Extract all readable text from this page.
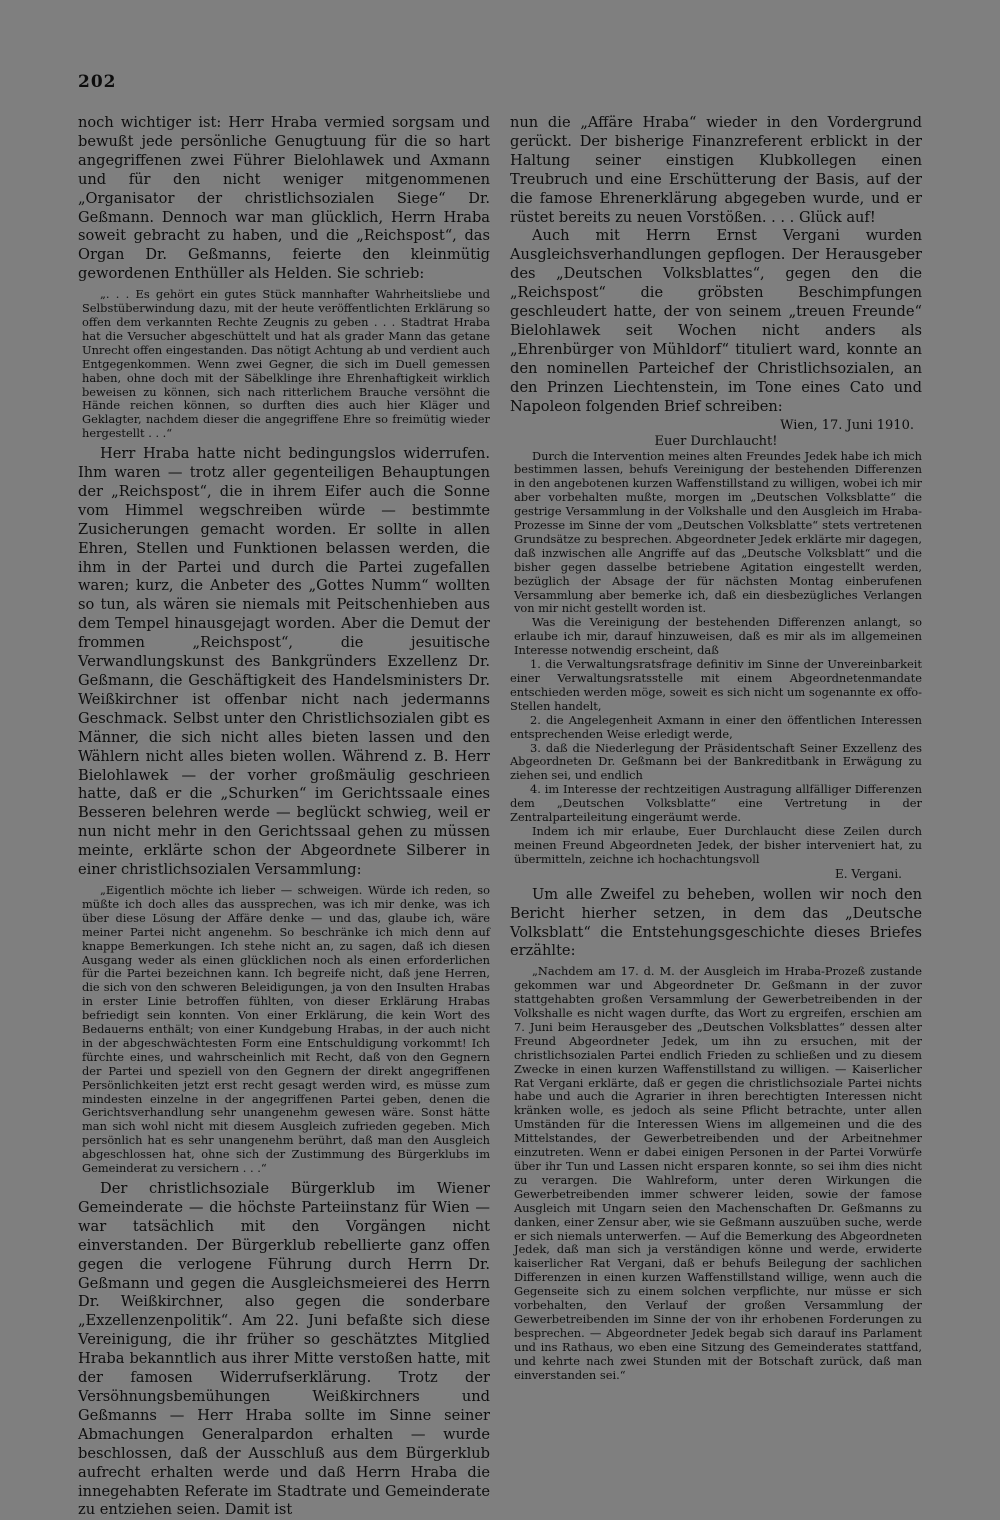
202

noch wichtiger ist: Herr Hraba vermied sorgsam und bewußt jede persönliche Genugtuung für die so hart angegriffenen zwei Führer Bielohlawek und Axmann und für den nicht weniger mitgenommenen „Organisator der christlichsozialen Siege“ Dr. Geßmann. Dennoch war man glücklich, Herrn Hraba soweit gebracht zu haben, und die „Reichspost“, das Organ Dr. Geßmanns, feierte den kleinmütig gewordenen Enthüller als Helden. Sie schrieb:

„. . . Es gehört ein gutes Stück mannhafter Wahrheitsliebe und Selbstüberwindung dazu, mit der heute veröffentlichten Erklärung so offen dem verkannten Rechte Zeugnis zu geben . . . Stadtrat Hraba hat die Versucher abgeschüttelt und hat als grader Mann das getane Unrecht offen eingestanden. Das nötigt Achtung ab und verdient auch Entgegenkommen. Wenn zwei Gegner, die sich im Duell gemessen haben, ohne doch mit der Säbelklinge ihre Ehrenhaftigkeit wirklich beweisen zu können, sich nach ritterlichem Brauche versöhnt die Hände reichen können, so durften dies auch hier Kläger und Geklagter, nachdem dieser die angegriffene Ehre so freimütig wieder hergestellt . . .“

Herr Hraba hatte nicht bedingungslos widerrufen. Ihm waren — trotz aller gegenteiligen Behauptungen der „Reichspost“, die in ihrem Eifer auch die Sonne vom Himmel wegschreiben würde — bestimmte Zusicherungen gemacht worden. Er sollte in allen Ehren, Stellen und Funktionen belassen werden, die ihm in der Partei und durch die Partei zugefallen waren; kurz, die Anbeter des „Gottes Numm“ wollten so tun, als wären sie niemals mit Peitschenhieben aus dem Tempel hinausgejagt worden. Aber die Demut der frommen „Reichspost“, die jesuitische Verwandlungskunst des Bankgründers Exzellenz Dr. Geßmann, die Geschäftigkeit des Handelsministers Dr. Weißkirchner ist offenbar nicht nach jedermanns Geschmack. Selbst unter den Christlichsozialen gibt es Männer, die sich nicht alles bieten lassen und den Wählern nicht alles bieten wollen. Während z. B. Herr Bielohlawek — der vorher großmäulig geschrieen hatte, daß er die „Schurken“ im Gerichtssaale eines Besseren belehren werde — beglückt schwieg, weil er nun nicht mehr in den Gerichtssaal gehen zu müssen meinte, erklärte schon der Abgeordnete Silberer in einer christlichsozialen Versammlung:

„Eigentlich möchte ich lieber — schweigen. Würde ich reden, so müßte ich doch alles das aussprechen, was ich mir denke, was ich über diese Lösung der Affäre denke — und das, glaube ich, wäre meiner Partei nicht angenehm. So beschränke ich mich denn auf knappe Bemerkungen. Ich stehe nicht an, zu sagen, daß ich diesen Ausgang weder als einen glücklichen noch als einen erforderlichen für die Partei bezeichnen kann. Ich begreife nicht, daß jene Herren, die sich von den schweren Beleidigungen, ja von den Insulten Hrabas in erster Linie betroffen fühlten, von dieser Erklärung Hrabas befriedigt sein konnten. Von einer Erklärung, die kein Wort des Bedauerns enthält; von einer Kundgebung Hrabas, in der auch nicht in der abgeschwächtesten Form eine Entschuldigung vorkommt! Ich fürchte eines, und wahrscheinlich mit Recht, daß von den Gegnern der Partei und speziell von den Gegnern der direkt angegriffenen Persönlichkeiten jetzt erst recht gesagt werden wird, es müsse zum mindesten einzelne in der angegriffenen Partei geben, denen die Gerichtsverhandlung sehr unangenehm gewesen wäre. Sonst hätte man sich wohl nicht mit diesem Ausgleich zufrieden gegeben. Mich persönlich hat es sehr unangenehm berührt, daß man den Ausgleich abgeschlossen hat, ohne sich der Zustimmung des Bürgerklubs im Gemeinderat zu versichern . . .“

Der christlichsoziale Bürgerklub im Wiener Gemeinderate — die höchste Parteiinstanz für Wien — war tatsächlich mit den Vorgängen nicht einverstanden. Der Bürgerklub rebellierte ganz offen gegen die verlogene Führung durch Herrn Dr. Geßmann und gegen die Ausgleichsmeierei des Herrn Dr. Weißkirchner, also gegen die sonderbare „Exzellenzenpolitik“. Am 22. Juni befaßte sich diese Vereinigung, die ihr früher so geschätztes Mitglied Hraba bekanntlich aus ihrer Mitte verstoßen hatte, mit der famosen Widerrufserklärung. Trotz der Versöhnungsbemühungen Weißkirchners und Geßmanns — Herr Hraba sollte im Sinne seiner Abmachungen Generalpardon erhalten — wurde beschlossen, daß der Ausschluß aus dem Bürgerklub aufrecht erhalten werde und daß Herrn Hraba die innegehabten Referate im Stadtrate und Gemeinderate zu entziehen seien. Damit ist

nun die „Affäre Hraba“ wieder in den Vordergrund gerückt. Der bisherige Finanzreferent erblickt in der Haltung seiner einstigen Klubkollegen einen Treubruch und eine Erschütterung der Basis, auf der die famose Ehrenerklärung abgegeben wurde, und er rüstet bereits zu neuen Vorstößen. . . . Glück auf!

Auch mit Herrn Ernst Vergani wurden Ausgleichsverhandlungen gepflogen. Der Herausgeber des „Deutschen Volksblattes“, gegen den die „Reichspost“ die gröbsten Beschimpfungen geschleudert hatte, der von seinem „treuen Freunde“ Bielohlawek seit Wochen nicht anders als „Ehrenbürger von Mühldorf“ tituliert ward, konnte an den nominellen Parteichef der Christlichsozialen, an den Prinzen Liechtenstein, im Tone eines Cato und Napoleon folgenden Brief schreiben:

Wien, 17. Juni 1910.

Euer Durchlaucht!

Durch die Intervention meines alten Freundes Jedek habe ich mich bestimmen lassen, behufs Vereinigung der bestehenden Differenzen in den angebotenen kurzen Waffenstillstand zu willigen, wobei ich mir aber vorbehalten mußte, morgen im „Deutschen Volksblatte“ die gestrige Versammlung in der Volkshalle und den Ausgleich im Hraba-Prozesse im Sinne der vom „Deutschen Volksblatte“ stets vertretenen Grundsätze zu besprechen. Abgeordneter Jedek erklärte mir dagegen, daß inzwischen alle Angriffe auf das „Deutsche Volksblatt“ und die bisher gegen dasselbe betriebene Agitation eingestellt werden, bezüglich der Absage der für nächsten Montag einberufenen Versammlung aber bemerke ich, daß ein diesbezügliches Verlangen von mir nicht gestellt worden ist.

Was die Vereinigung der bestehenden Differenzen anlangt, so erlaube ich mir, darauf hinzuweisen, daß es mir als im allgemeinen Interesse notwendig erscheint, daß

1. die Verwaltungsratsfrage definitiv im Sinne der Unvereinbarkeit einer Verwaltungsratsstelle mit einem Abgeordnetenmandate entschieden werden möge, soweit es sich nicht um sogenannte ex offo-Stellen handelt,

2. die Angelegenheit Axmann in einer den öffentlichen Interessen entsprechenden Weise erledigt werde,

3. daß die Niederlegung der Präsidentschaft Seiner Exzellenz des Abgeordneten Dr. Geßmann bei der Bankreditbank in Erwägung zu ziehen sei, und endlich

4. im Interesse der rechtzeitigen Austragung allfälliger Differenzen dem „Deutschen Volksblatte“ eine Vertretung in der Zentralparteileitung eingeräumt werde.

Indem ich mir erlaube, Euer Durchlaucht diese Zeilen durch meinen Freund Abgeordneten Jedek, der bisher interveniert hat, zu übermitteln, zeichne ich hochachtungsvoll

E. Vergani.

Um alle Zweifel zu beheben, wollen wir noch den Bericht hierher setzen, in dem das „Deutsche Volksblatt“ die Entstehungsgeschichte dieses Briefes erzählte:

„Nachdem am 17. d. M. der Ausgleich im Hraba-Prozeß zustande gekommen war und Abgeordneter Dr. Geßmann in der zuvor stattgehabten großen Versammlung der Gewerbetreibenden in der Volkshalle es nicht wagen durfte, das Wort zu ergreifen, erschien am 7. Juni beim Herausgeber des „Deutschen Volksblattes“ dessen alter Freund Abgeordneter Jedek, um ihn zu ersuchen, mit der christlichsozialen Partei endlich Frieden zu schließen und zu diesem Zwecke in einen kurzen Waffenstillstand zu willigen. — Kaiserlicher Rat Vergani erklärte, daß er gegen die christlichsoziale Partei nichts habe und auch die Agrarier in ihren berechtigten Interessen nicht kränken wolle, es jedoch als seine Pflicht betrachte, unter allen Umständen für die Interessen Wiens im allgemeinen und die des Mittelstandes, der Gewerbetreibenden und der Arbeitnehmer einzutreten. Wenn er dabei einigen Personen in der Partei Vorwürfe über ihr Tun und Lassen nicht ersparen konnte, so sei ihm dies nicht zu verargen. Die Wahlreform, unter deren Wirkungen die Gewerbetreibenden immer schwerer leiden, sowie der famose Ausgleich mit Ungarn seien den Machenschaften Dr. Geßmanns zu danken, einer Zensur aber, wie sie Geßmann auszuüben suche, werde er sich niemals unterwerfen. — Auf die Bemerkung des Abgeordneten Jedek, daß man sich ja verständigen könne und werde, erwiderte kaiserlicher Rat Vergani, daß er behufs Beilegung der sachlichen Differenzen in einen kurzen Waffenstillstand willige, wenn auch die Gegenseite sich zu einem solchen verpflichte, nur müsse er sich vorbehalten, den Verlauf der großen Versammlung der Gewerbetreibenden im Sinne der von ihr erhobenen Forderungen zu besprechen. — Abgeordneter Jedek begab sich darauf ins Parlament und ins Rathaus, wo eben eine Sitzung des Gemeinderates stattfand, und kehrte nach zwei Stunden mit der Botschaft zurück, daß man einverstanden sei.“
